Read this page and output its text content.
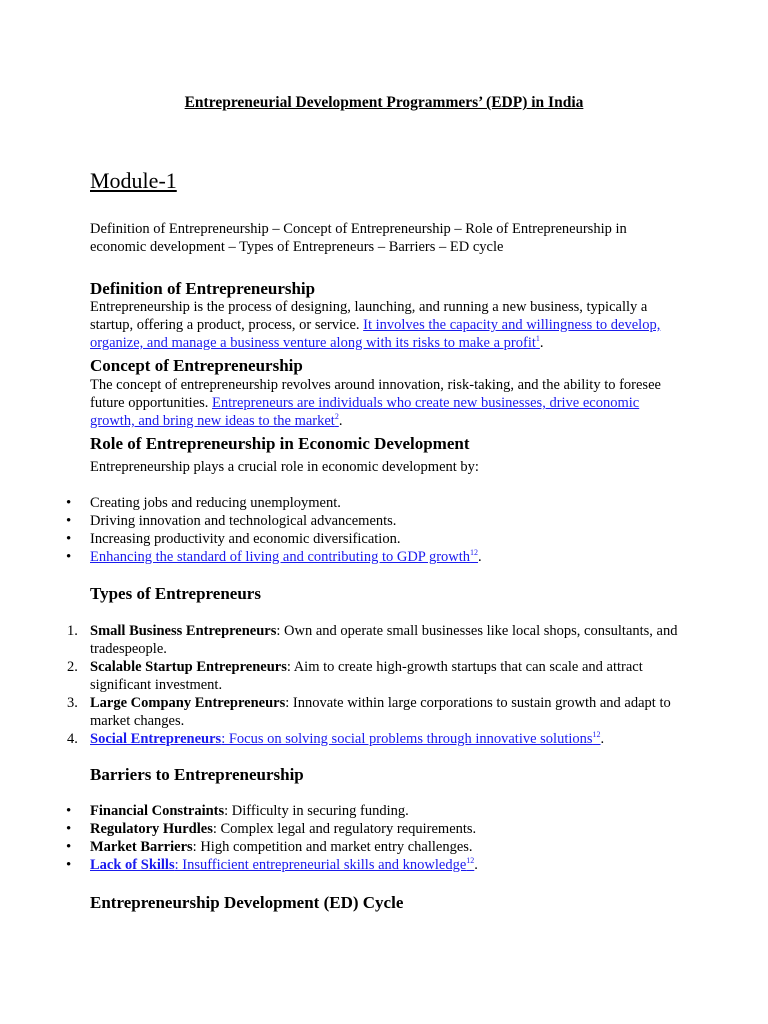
Entrepreneurial Development Programmers’ (EDP) in India
Module-1

Definition of Entrepreneurship – Concept of Entrepreneurship – Role of Entrepreneurship in economic development – Types of Entrepreneurs – Barriers – ED cycle

Definition of Entrepreneurship

Entrepreneurship is the process of designing, launching, and running a new business, typically a startup, offering a product, process, or service. It involves the capacity and willingness to develop, organize, and manage a business venture along with its risks to make a profit$^1$.

Concept of Entrepreneurship

The concept of entrepreneurship revolves around innovation, risk-taking, and the ability to foresee future opportunities. Entrepreneurs are individuals who create new businesses, drive economic growth, and bring new ideas to the market$^2$.

Role of Entrepreneurship in Economic Development

Entrepreneurship plays a crucial role in economic development by:

• Creating jobs and reducing unemployment.
• Driving innovation and technological advancements.
• Increasing productivity and economic diversification.
• Enhancing the standard of living and contributing to GDP growth$^{12}$.
Types of Entrepreneurs
1. Small Business Entrepreneurs: Own and operate small businesses like local shops, consultants, and tradespeople.
2. Scalable Startup Entrepreneurs: Aim to create high-growth startups that can scale and attract significant investment.
3. Large Company Entrepreneurs: Innovate within large corporations to sustain growth and adapt to market changes.
4. Social Entrepreneurs: Focus on solving social problems through innovative solutions$^{12}$.
Barriers to Entrepreneurship
• Financial Constraints: Difficulty in securing funding.
• Regulatory Hurdles: Complex legal and regulatory requirements.
• Market Barriers: High competition and market entry challenges.
• Lack of Skills: Insufficient entrepreneurial skills and knowledge$^{12}$.
Entrepreneurship Development (ED) Cycle
